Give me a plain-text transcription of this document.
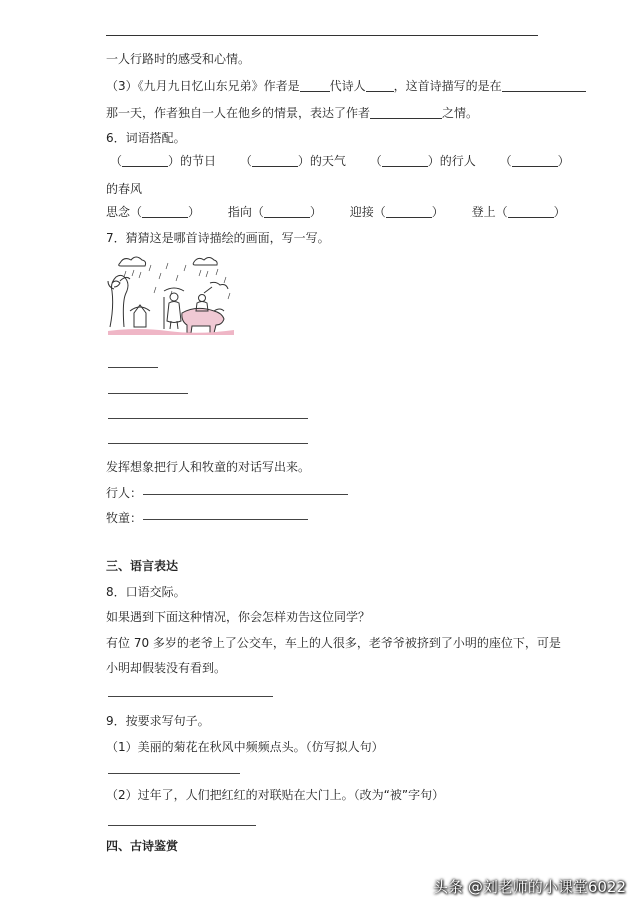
一人行路时的感受和心情。
（3）《九月九日忆山东兄弟》作者是	代诗人 ，这首诗描写的是在
那一天，作者独自一人在他乡的情景，表达了作者	之情。
6．词语搭配。
（	）的节日 （	）的天气 （	）的行人 （	）
的春风
思念（	） 指向（	） 迎接（	） 登上（	）
7．猜猜这是哪首诗描绘的画面，写一写。
发挥想象把行人和牧童的对话写出来。
行人：
牧童：
三、语言表达
8．口语交际。
如果遇到下面这种情况，你会怎样劝告这位同学？
有位 70 多岁的老爷上了公交车，车上的人很多，老爷爷被挤到了小明的座位下，可是
小明却假装没有看到。
9．按要求写句子。
（1）美丽的菊花在秋风中频频点头。（仿写拟人句）
（2）过年了，人们把红红的对联贴在大门上。（改为“被”字句）
四、古诗鉴赏
头条 @刘老师的小课堂6022
